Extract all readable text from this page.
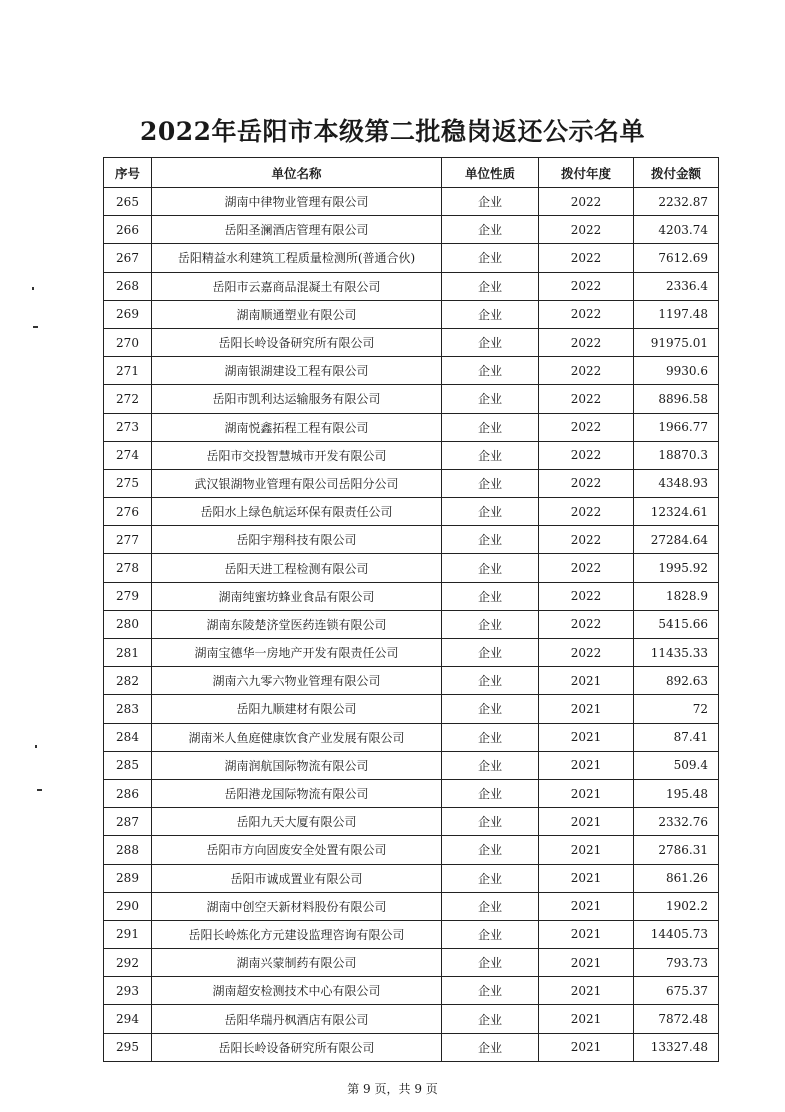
2022年岳阳市本级第二批稳岗返还公示名单
序号	单位名称	单位性质	拨付年度	拨付金额
265	湖南中律物业管理有限公司	企业	2022	2232.87
266	岳阳圣澜酒店管理有限公司	企业	2022	4203.74
267	岳阳精益水利建筑工程质量检测所(普通合伙)	企业	2022	7612.69
268	岳阳市云嘉商品混凝土有限公司	企业	2022	2336.4
269	湖南顺通塑业有限公司	企业	2022	1197.48
270	岳阳长岭设备研究所有限公司	企业	2022	91975.01
271	湖南银湖建设工程有限公司	企业	2022	9930.6
272	岳阳市凯利达运输服务有限公司	企业	2022	8896.58
273	湖南悦鑫拓程工程有限公司	企业	2022	1966.77
274	岳阳市交投智慧城市开发有限公司	企业	2022	18870.3
275	武汉银湖物业管理有限公司岳阳分公司	企业	2022	4348.93
276	岳阳水上绿色航运环保有限责任公司	企业	2022	12324.61
277	岳阳宇翔科技有限公司	企业	2022	27284.64
278	岳阳天进工程检测有限公司	企业	2022	1995.92
279	湖南纯蜜坊蜂业食品有限公司	企业	2022	1828.9
280	湖南东陵楚济堂医药连锁有限公司	企业	2022	5415.66
281	湖南宝德华一房地产开发有限责任公司	企业	2022	11435.33
282	湖南六九零六物业管理有限公司	企业	2021	892.63
283	岳阳九顺建材有限公司	企业	2021	72
284	湖南米人鱼庭健康饮食产业发展有限公司	企业	2021	87.41
285	湖南润航国际物流有限公司	企业	2021	509.4
286	岳阳港龙国际物流有限公司	企业	2021	195.48
287	岳阳九天大厦有限公司	企业	2021	2332.76
288	岳阳市方向固废安全处置有限公司	企业	2021	2786.31
289	岳阳市诚成置业有限公司	企业	2021	861.26
290	湖南中创空天新材料股份有限公司	企业	2021	1902.2
291	岳阳长岭炼化方元建设监理咨询有限公司	企业	2021	14405.73
292	湖南兴蒙制药有限公司	企业	2021	793.73
293	湖南超安检测技术中心有限公司	企业	2021	675.37
294	岳阳华瑞丹枫酒店有限公司	企业	2021	7872.48
295	岳阳长岭设备研究所有限公司	企业	2021	13327.48
第 9 页，共 9 页
